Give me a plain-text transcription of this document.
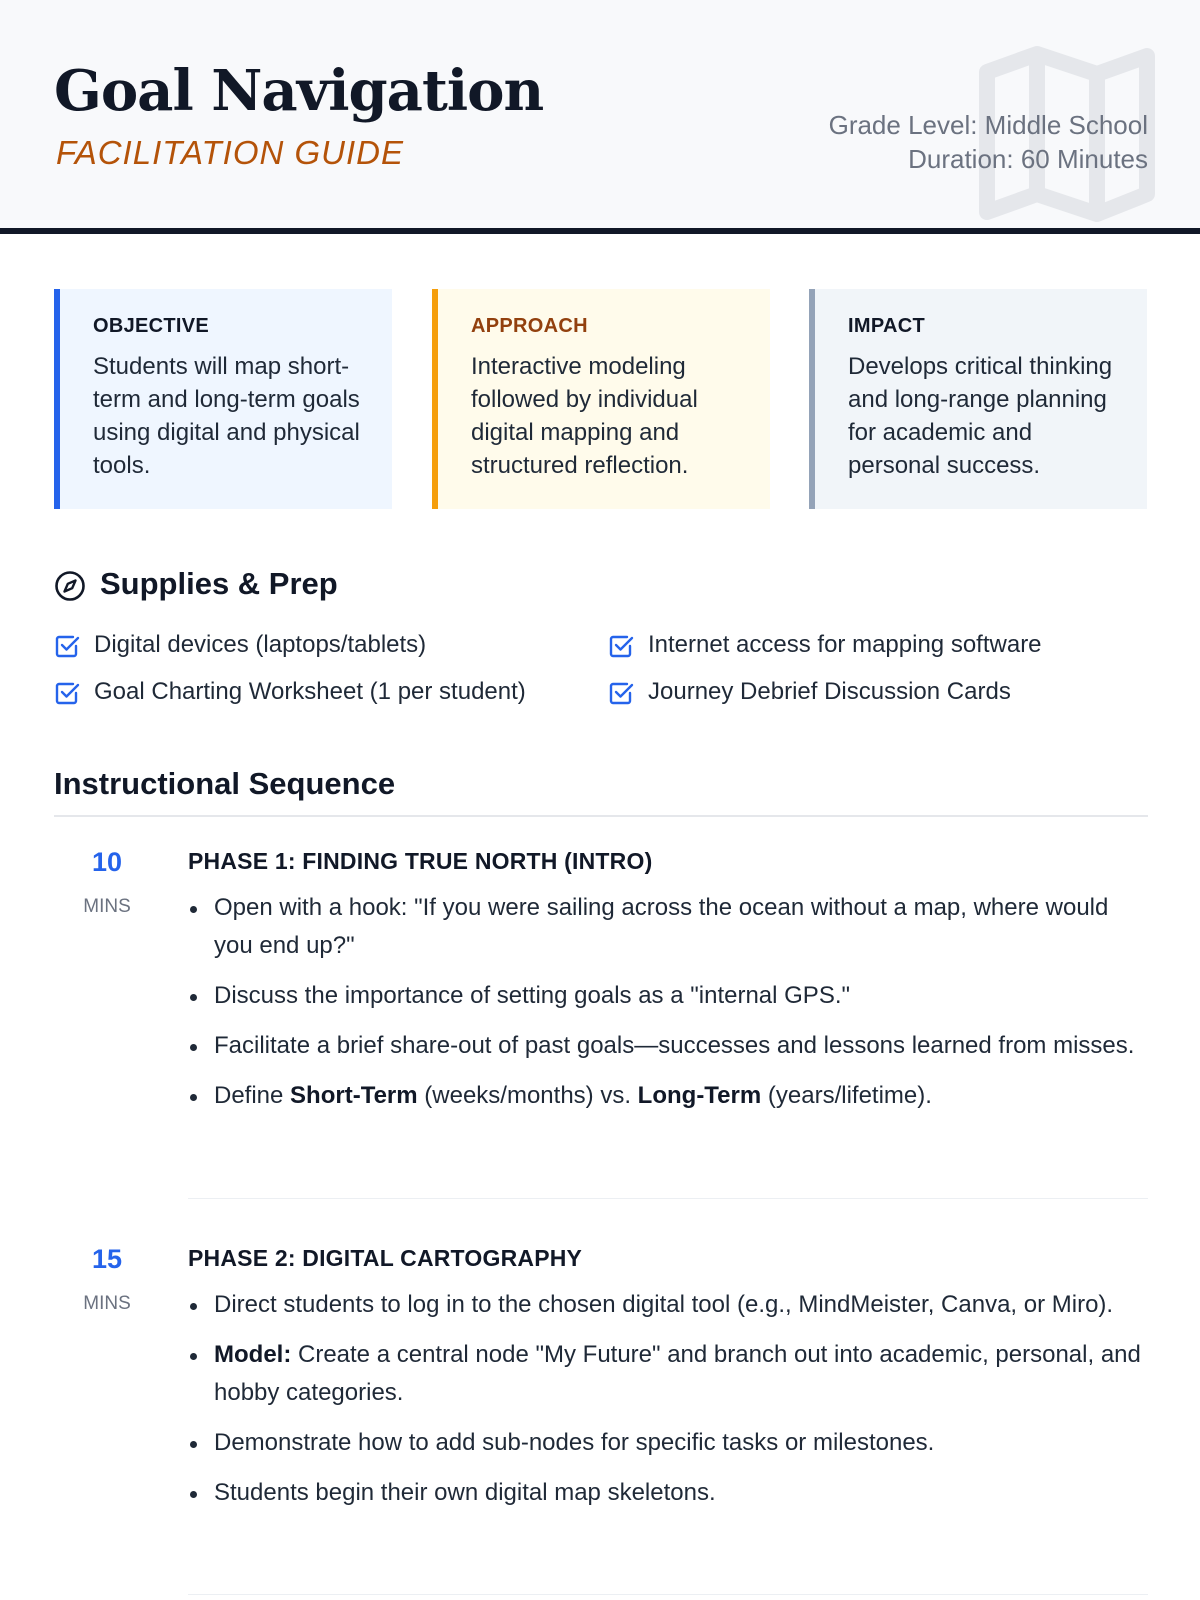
Goal Navigation
FACILITATION GUIDE
Grade Level: Middle School
Duration: 60 Minutes
OBJECTIVE
Students will map short-term and long-term goals using digital and physical tools.
APPROACH
Interactive modeling followed by individual digital mapping and structured reflection.
IMPACT
Develops critical thinking and long-range planning for academic and personal success.
Supplies & Prep
Digital devices (laptops/tablets)	Internet access for mapping software
Goal Charting Worksheet (1 per student)	Journey Debrief Discussion Cards
Instructional Sequence
10
MINS
PHASE 1: FINDING TRUE NORTH (INTRO)
Open with a hook: "If you were sailing across the ocean without a map, where would you end up?"
Discuss the importance of setting goals as a "internal GPS."
Facilitate a brief share-out of past goals—successes and lessons learned from misses.
Define Short-Term (weeks/months) vs. Long-Term (years/lifetime).
15
MINS
PHASE 2: DIGITAL CARTOGRAPHY
Direct students to log in to the chosen digital tool (e.g., MindMeister, Canva, or Miro).
Model: Create a central node "My Future" and branch out into academic, personal, and hobby categories.
Demonstrate how to add sub-nodes for specific tasks or milestones.
Students begin their own digital map skeletons.
